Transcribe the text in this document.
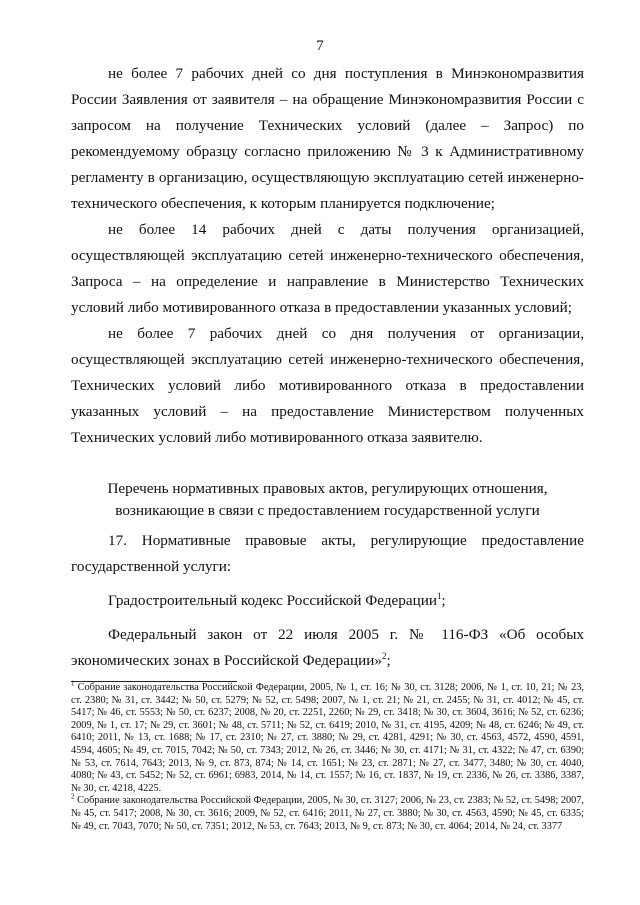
7

не более 7 рабочих дней со дня поступления в Минэкономразвития России Заявления от заявителя – на обращение Минэкономразвития России с запросом на получение Технических условий (далее – Запрос) по рекомендуемому образцу согласно приложению № 3 к Административному регламенту в организацию, осуществляющую эксплуатацию сетей инженерно-технического обеспечения, к которым планируется подключение;

не более 14 рабочих дней с даты получения организацией, осуществляющей эксплуатацию сетей инженерно-технического обеспечения, Запроса – на определение и направление в Министерство Технических условий либо мотивированного отказа в предоставлении указанных условий;

не более 7 рабочих дней со дня получения от организации, осуществляющей эксплуатацию сетей инженерно-технического обеспечения, Технических условий либо мотивированного отказа в предоставлении указанных условий – на предоставление Министерством полученных Технических условий либо мотивированного отказа заявителю.

Перечень нормативных правовых актов, регулирующих отношения,
возникающие в связи с предоставлением государственной услуги

17. Нормативные правовые акты, регулирующие предоставление государственной услуги:

Градостроительный кодекс Российской Федерации$^1$;

Федеральный закон от 22 июля 2005 г. № 116-ФЗ «Об особых экономических зонах в Российской Федерации»$^2$;

$^1$ Собрание законодательства Российской Федерации, 2005, № 1, ст. 16; № 30, ст. 3128; 2006, № 1, ст. 10, 21; № 23, ст. 2380; № 31, ст. 3442; № 50, ст. 5279; № 52, ст. 5498; 2007, № 1, ст. 21; № 21, ст. 2455; № 31, ст. 4012; № 45, ст. 5417; № 46, ст. 5553; № 50, ст. 6237; 2008, № 20, ст. 2251, 2260; № 29, ст. 3418; № 30, ст. 3604, 3616; № 52, ст. 6236; 2009, № 1, ст. 17; № 29, ст. 3601; № 48, ст. 5711; № 52, ст. 6419; 2010, № 31, ст. 4195, 4209; № 48, ст. 6246; № 49, ст. 6410; 2011, № 13, ст. 1688; № 17, ст. 2310; № 27, ст. 3880; № 29, ст. 4281, 4291; № 30, ст. 4563, 4572, 4590, 4591, 4594, 4605; № 49, ст. 7015, 7042; № 50, ст. 7343; 2012, № 26, ст. 3446; № 30, ст. 4171; № 31, ст. 4322; № 47, ст. 6390; № 53, ст. 7614, 7643; 2013, № 9, ст. 873, 874; № 14, ст. 1651; № 23, ст. 2871; № 27, ст. 3477, 3480; № 30, ст. 4040, 4080; № 43, ст. 5452; № 52, ст. 6961; 6983, 2014, № 14, ст. 1557; № 16, ст. 1837, № 19, ст. 2336, № 26, ст. 3386, 3387, № 30, ст. 4218, 4225.

$^2$ Собрание законодательства Российской Федерации, 2005, № 30, ст. 3127; 2006, № 23, ст. 2383; № 52, ст. 5498; 2007, № 45, ст. 5417; 2008, № 30, ст. 3616; 2009, № 52, ст. 6416; 2011, № 27, ст. 3880; № 30, ст. 4563, 4590; № 45, ст. 6335; № 49, ст. 7043, 7070; № 50, ст. 7351; 2012, № 53, ст. 7643; 2013, № 9, ст. 873; № 30, ст. 4064; 2014, № 24, ст. 3377
